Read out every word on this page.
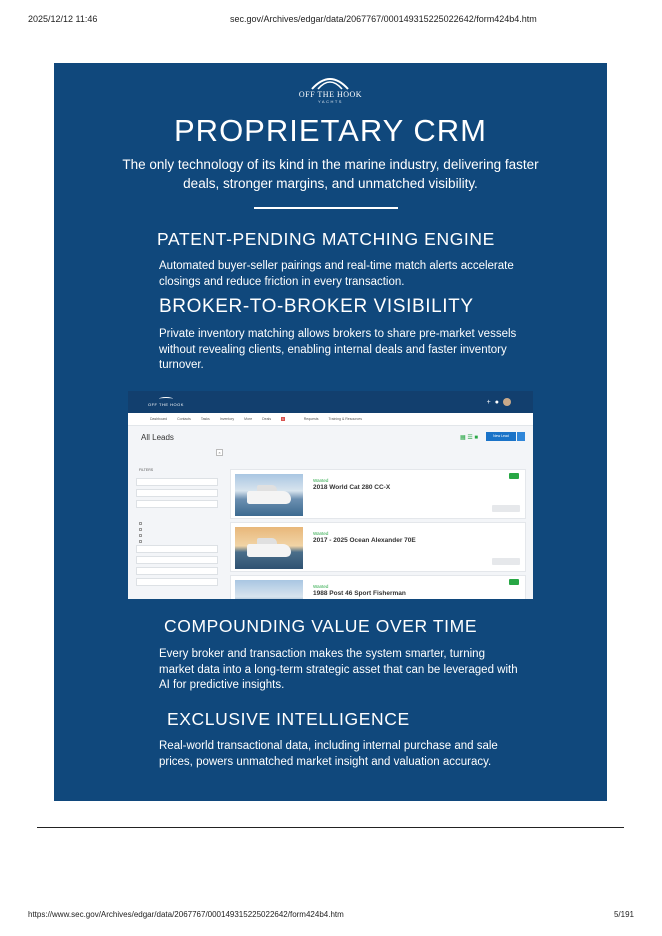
2025/12/12 11:46	sec.gov/Archives/edgar/data/2067767/000149315225022642/form424b4.htm
OFF THE HOOK
YACHTS
PROPRIETARY CRM
The only technology of its kind in the marine industry, delivering faster deals, stronger margins, and unmatched visibility.
PATENT-PENDING MATCHING ENGINE
Automated buyer-seller pairings and real-time match alerts accelerate closings and reduce friction in every transaction.
BROKER-TO-BROKER VISIBILITY
Private inventory matching allows brokers to share pre-market vessels without revealing clients, enabling internal deals and faster inventory turnover.
OFF THE HOOK	+ ●
Dashboard	Contacts	Tasks	Inventory	More	Deals	1	Requests	Training & Resources
All Leads	▦ ☰ ■	New Lead
×
FILTERS
Wanted
2018 World Cat 280 CC-X
Wanted
2017 - 2025 Ocean Alexander 70E
Wanted
1988 Post 46 Sport Fisherman
COMPOUNDING VALUE OVER TIME
Every broker and transaction makes the system smarter, turning market data into a long-term strategic asset that can be leveraged with AI for predictive insights.
EXCLUSIVE INTELLIGENCE
Real-world transactional data, including internal purchase and sale prices, powers unmatched market insight and valuation accuracy.
https://www.sec.gov/Archives/edgar/data/2067767/000149315225022642/form424b4.htm	5/191
